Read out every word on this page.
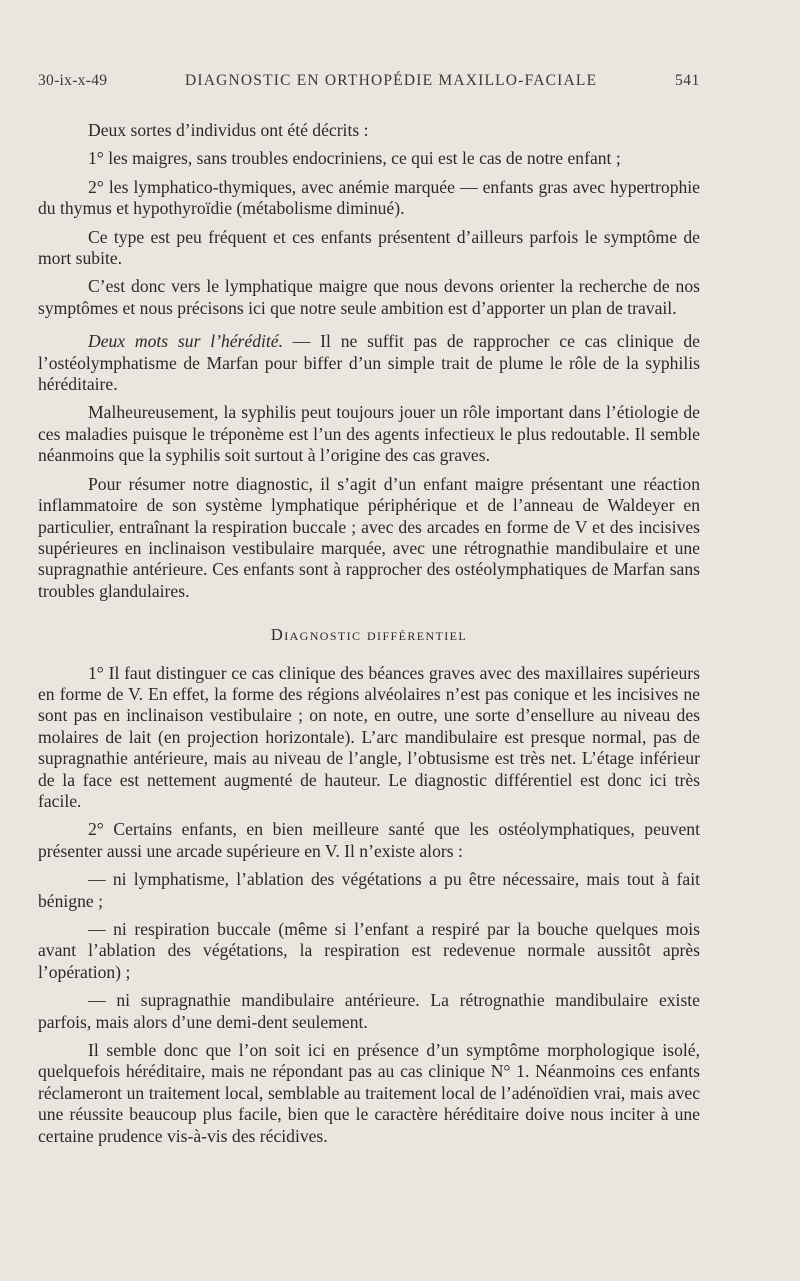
30-ix-x-49	DIAGNOSTIC EN ORTHOPÉDIE MAXILLO-FACIALE	541

Deux sortes d’individus ont été décrits :

1° les maigres, sans troubles endocriniens, ce qui est le cas de notre enfant ;

2° les lymphatico-thymiques, avec anémie marquée — enfants gras avec hypertrophie du thymus et hypothyroïdie (métabolisme diminué).

Ce type est peu fréquent et ces enfants présentent d’ailleurs parfois le symptôme de mort subite.

C’est donc vers le lymphatique maigre que nous devons orienter la recherche de nos symptômes et nous précisons ici que notre seule ambition est d’apporter un plan de travail.

Deux mots sur l’hérédité. — Il ne suffit pas de rapprocher ce cas clinique de l’ostéolymphatisme de Marfan pour biffer d’un simple trait de plume le rôle de la syphilis héréditaire.

Malheureusement, la syphilis peut toujours jouer un rôle important dans l’étiologie de ces maladies puisque le tréponème est l’un des agents infectieux le plus redoutable. Il semble néanmoins que la syphilis soit surtout à l’origine des cas graves.

Pour résumer notre diagnostic, il s’agit d’un enfant maigre présentant une réaction inflammatoire de son système lymphatique périphérique et de l’anneau de Waldeyer en particulier, entraînant la respiration buccale ; avec des arcades en forme de V et des incisives supérieures en inclinaison vestibulaire marquée, avec une rétrognathie mandibulaire et une supragnathie antérieure. Ces enfants sont à rapprocher des ostéolymphatiques de Marfan sans troubles glandulaires.

Diagnostic différentiel

1° Il faut distinguer ce cas clinique des béances graves avec des maxillaires supérieurs en forme de V. En effet, la forme des régions alvéolaires n’est pas conique et les incisives ne sont pas en inclinaison vestibulaire ; on note, en outre, une sorte d’ensellure au niveau des molaires de lait (en projection horizontale). L’arc mandibulaire est presque normal, pas de supragnathie antérieure, mais au niveau de l’angle, l’obtusisme est très net. L’étage inférieur de la face est nettement augmenté de hauteur. Le diagnostic différentiel est donc ici très facile.

2° Certains enfants, en bien meilleure santé que les ostéolymphatiques, peuvent présenter aussi une arcade supérieure en V. Il n’existe alors :

— ni lymphatisme, l’ablation des végétations a pu être nécessaire, mais tout à fait bénigne ;

— ni respiration buccale (même si l’enfant a respiré par la bouche quelques mois avant l’ablation des végétations, la respiration est redevenue normale aussitôt après l’opération) ;

— ni supragnathie mandibulaire antérieure. La rétrognathie mandibulaire existe parfois, mais alors d’une demi-dent seulement.

Il semble donc que l’on soit ici en présence d’un symptôme morphologique isolé, quelquefois héréditaire, mais ne répondant pas au cas clinique N° 1. Néanmoins ces enfants réclameront un traitement local, semblable au traitement local de l’adénoïdien vrai, mais avec une réussite beaucoup plus facile, bien que le caractère héréditaire doive nous inciter à une certaine prudence vis-à-vis des récidives.
